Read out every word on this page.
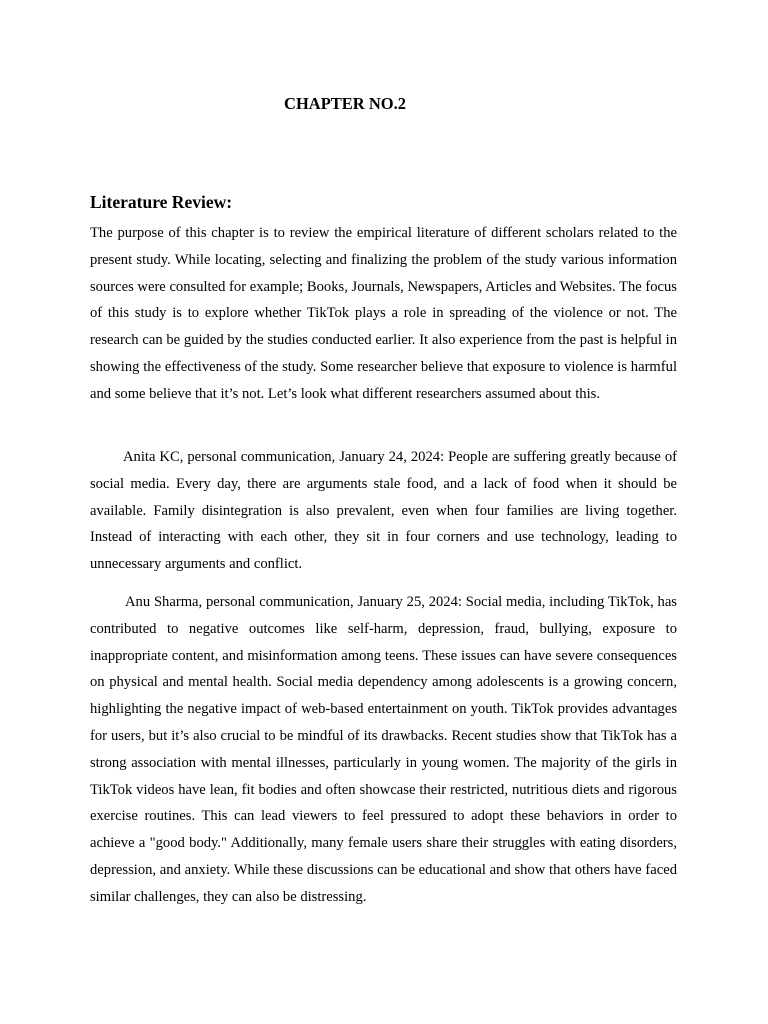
CHAPTER NO.2
Literature Review:

The purpose of this chapter is to review the empirical literature of different scholars related to the present study. While locating, selecting and finalizing the problem of the study various information sources were consulted for example; Books, Journals, Newspapers, Articles and Websites. The focus of this study is to explore whether TikTok plays a role in spreading of the violence or not. The research can be guided by the studies conducted earlier. It also experience from the past is helpful in showing the effectiveness of the study. Some researcher believe that exposure to violence is harmful and some believe that it’s not. Let’s look what different researchers assumed about this.

Anita KC, personal communication, January 24, 2024: People are suffering greatly because of social media. Every day, there are arguments stale food, and a lack of food when it should be available. Family disintegration is also prevalent, even when four families are living together. Instead of interacting with each other, they sit in four corners and use technology, leading to unnecessary arguments and conflict.

Anu Sharma, personal communication, January 25, 2024: Social media, including TikTok, has contributed to negative outcomes like self-harm, depression, fraud, bullying, exposure to inappropriate content, and misinformation among teens. These issues can have severe consequences on physical and mental health. Social media dependency among adolescents is a growing concern, highlighting the negative impact of web-based entertainment on youth. TikTok provides advantages for users, but it’s also crucial to be mindful of its drawbacks. Recent studies show that TikTok has a strong association with mental illnesses, particularly in young women. The majority of the girls in TikTok videos have lean, fit bodies and often showcase their restricted, nutritious diets and rigorous exercise routines. This can lead viewers to feel pressured to adopt these behaviors in order to achieve a "good body." Additionally, many female users share their struggles with eating disorders, depression, and anxiety. While these discussions can be educational and show that others have faced similar challenges, they can also be distressing.
